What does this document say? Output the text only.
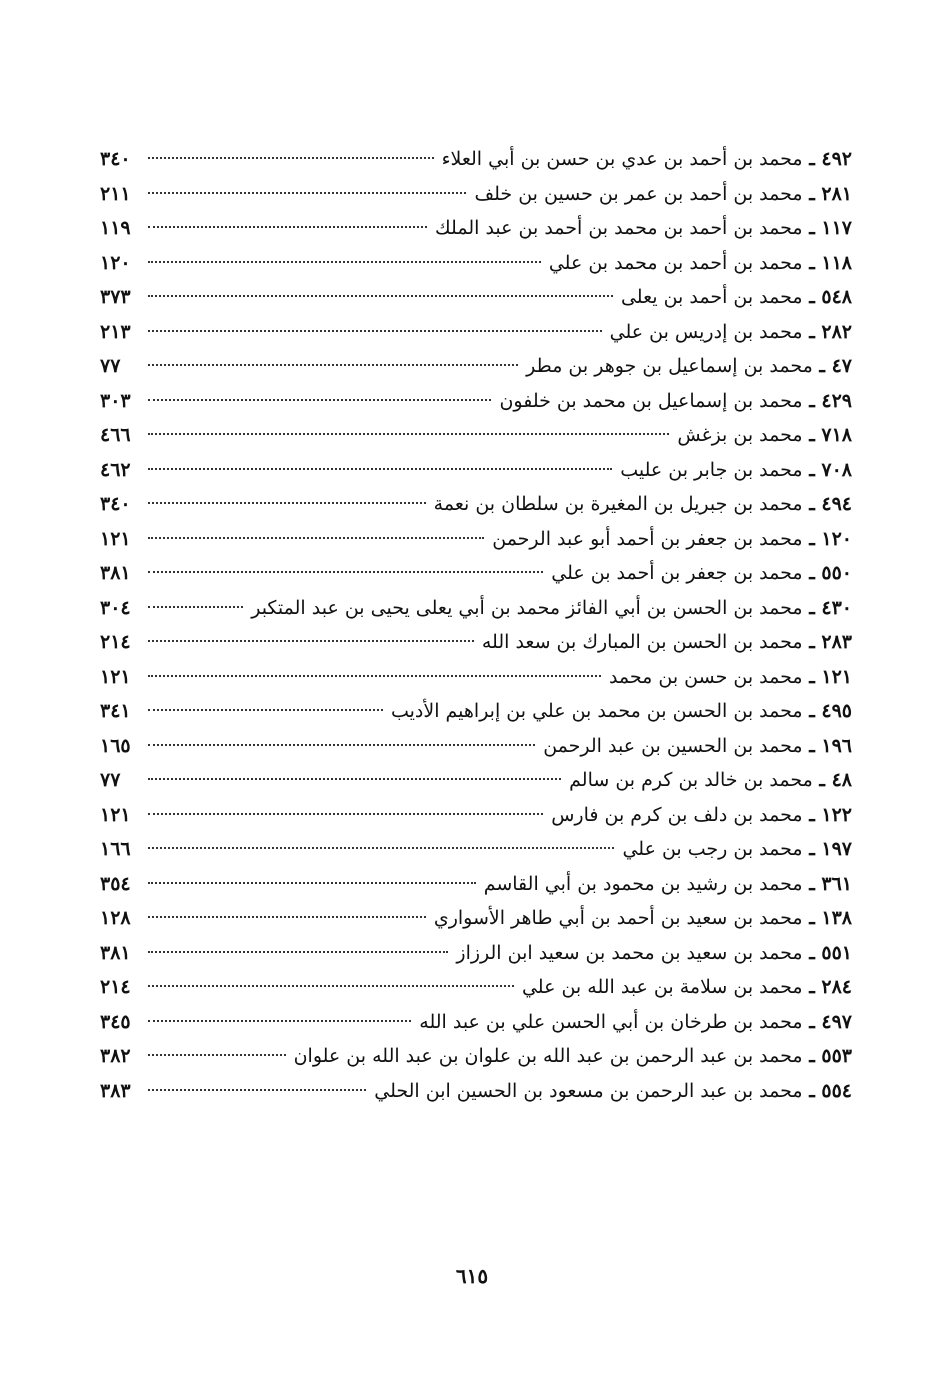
٤٩٢
ـ
محمد بن أحمد بن عدي بن حسن بن أبي العلاء
٣٤٠
٢٨١
ـ
محمد بن أحمد بن عمر بن حسين بن خلف
٢١١
١١٧
ـ
محمد بن أحمد بن محمد بن أحمد بن عبد الملك
١١٩
١١٨
ـ
محمد بن أحمد بن محمد بن علي
١٢٠
٥٤٨
ـ
محمد بن أحمد بن يعلى
٣٧٣
٢٨٢
ـ
محمد بن إدريس بن علي
٢١٣
٤٧
ـ
محمد بن إسماعيل بن جوهر بن مطر
٧٧
٤٢٩
ـ
محمد بن إسماعيل بن محمد بن خلفون
٣٠٣
٧١٨
ـ
محمد بن بزغش
٤٦٦
٧٠٨
ـ
محمد بن جابر بن عليب
٤٦٢
٤٩٤
ـ
محمد بن جبريل بن المغيرة بن سلطان بن نعمة
٣٤٠
١٢٠
ـ
محمد بن جعفر بن أحمد أبو عبد الرحمن
١٢١
٥٥٠
ـ
محمد بن جعفر بن أحمد بن علي
٣٨١
٤٣٠
ـ
محمد بن الحسن بن أبي الفائز محمد بن أبي يعلى يحيى بن عبد المتكبر
٣٠٤
٢٨٣
ـ
محمد بن الحسن بن المبارك بن سعد الله
٢١٤
١٢١
ـ
محمد بن حسن بن محمد
١٢١
٤٩٥
ـ
محمد بن الحسن بن محمد بن علي بن إبراهيم الأديب
٣٤١
١٩٦
ـ
محمد بن الحسين بن عبد الرحمن
١٦٥
٤٨
ـ
محمد بن خالد بن كرم بن سالم
٧٧
١٢٢
ـ
محمد بن دلف بن كرم بن فارس
١٢١
١٩٧
ـ
محمد بن رجب بن علي
١٦٦
٣٦١
ـ
محمد بن رشيد بن محمود بن أبي القاسم
٣٥٤
١٣٨
ـ
محمد بن سعيد بن أحمد بن أبي طاهر الأسواري
١٢٨
٥٥١
ـ
محمد بن سعيد بن محمد بن سعيد ابن الرزاز
٣٨١
٢٨٤
ـ
محمد بن سلامة بن عبد الله بن علي
٢١٤
٤٩٧
ـ
محمد بن طرخان بن أبي الحسن علي بن عبد الله
٣٤٥
٥٥٣
ـ
محمد بن عبد الرحمن بن عبد الله بن علوان بن عبد الله بن علوان
٣٨٢
٥٥٤
ـ
محمد بن عبد الرحمن بن مسعود بن الحسين ابن الحلي
٣٨٣
٦١٥
